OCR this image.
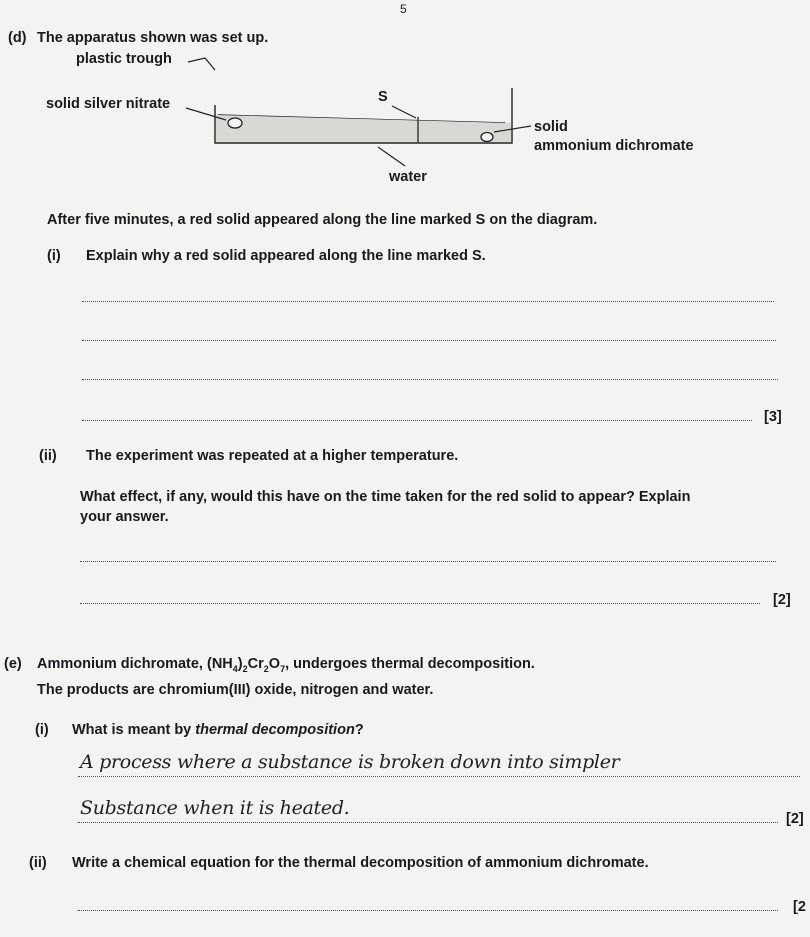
5
(d) The apparatus shown was set up.
plastic trough
solid silver nitrate	S
solid
ammonium dichromate
water
After five minutes, a red solid appeared along the line marked S on the diagram.
(i) Explain why a red solid appeared along the line marked S.
[3]
(ii) The experiment was repeated at a higher temperature.
What effect, if any, would this have on the time taken for the red solid to appear? Explain
your answer.
[2]
(e) Ammonium dichromate, $(NH_4)_2Cr_2O_7$, undergoes thermal decomposition.
The products are chromium(III) oxide, nitrogen and water.
(i) What is meant by thermal decomposition?
A process where a substance is broken down into simpler
Substance when it is heated.	[2]
(ii) Write a chemical equation for the thermal decomposition of ammonium dichromate.
[2
